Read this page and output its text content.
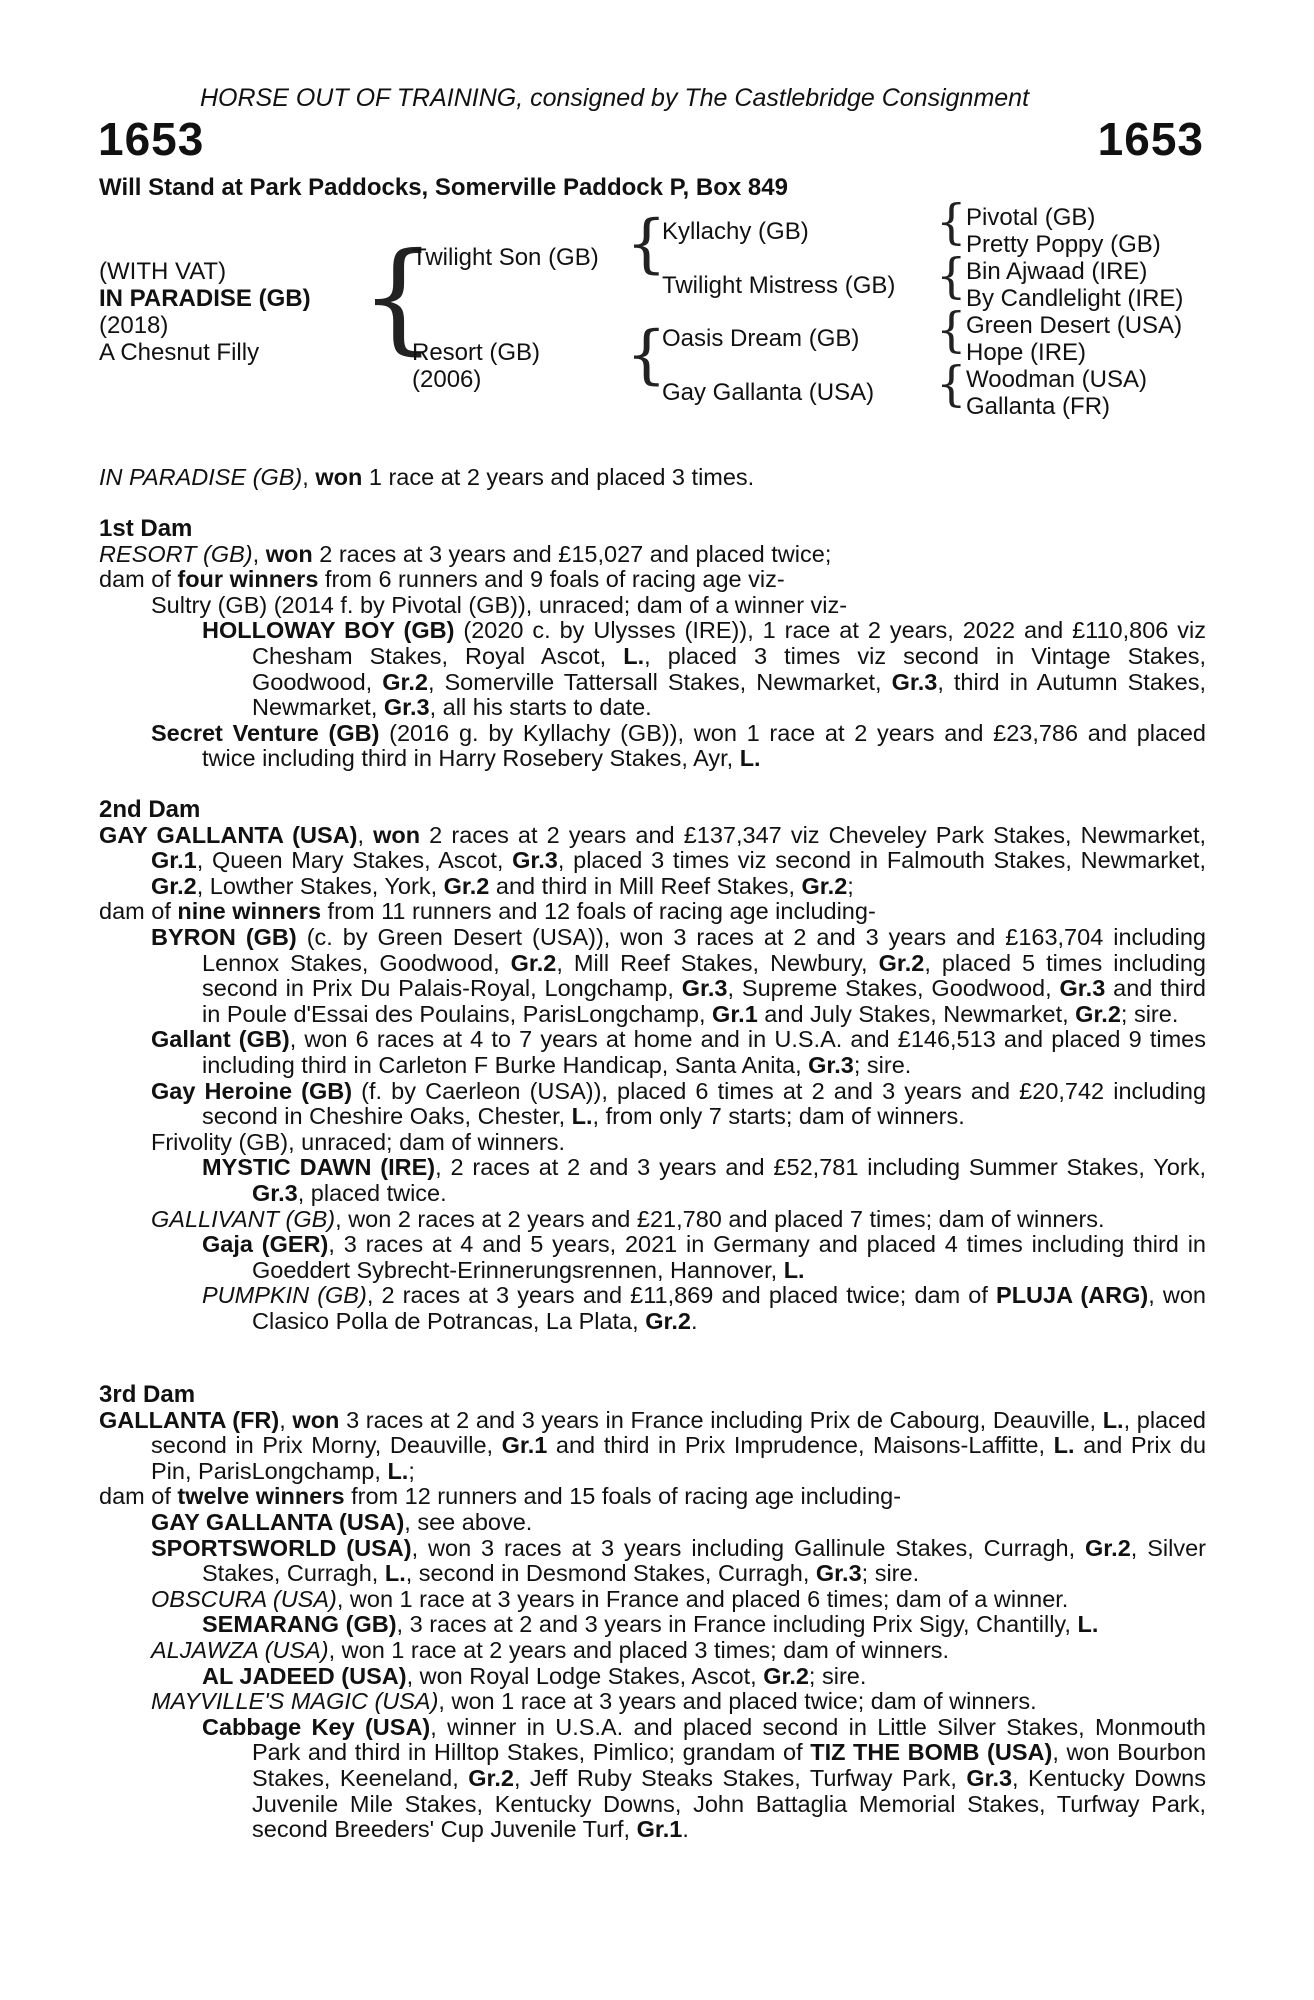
HORSE OUT OF TRAINING, consigned by The Castlebridge Consignment
1653	1653
Will Stand at Park Paddocks, Somerville Paddock P, Box 849
(WITH VAT)
IN PARADISE (GB)
(2018)
A Chesnut Filly {
Twilight Son (GB)
Resort (GB)
(2006)
{
{
Kyllachy (GB)
Twilight Mistress (GB)
Oasis Dream (GB)
Gay Gallanta (USA)
{
{
{
{
Pivotal (GB)
Pretty Poppy (GB)
Bin Ajwaad (IRE)
By Candlelight (IRE)
Green Desert (USA)
Hope (IRE)
Woodman (USA)
Gallanta (FR)

IN PARADISE (GB), won 1 race at 2 years and placed 3 times.

1st Dam

RESORT (GB), won 2 races at 3 years and £15,027 and placed twice;

dam of four winners from 6 runners and 9 foals of racing age viz-

Sultry (GB) (2014 f. by Pivotal (GB)), unraced; dam of a winner viz-

HOLLOWAY BOY (GB) (2020 c. by Ulysses (IRE)), 1 race at 2 years, 2022 and £110,806 viz Chesham Stakes, Royal Ascot, L., placed 3 times viz second in Vintage Stakes, Goodwood, Gr.2, Somerville Tattersall Stakes, Newmarket, Gr.3, third in Autumn Stakes, Newmarket, Gr.3, all his starts to date.

Secret Venture (GB) (2016 g. by Kyllachy (GB)), won 1 race at 2 years and £23,786 and placed twice including third in Harry Rosebery Stakes, Ayr, L.

2nd Dam

GAY GALLANTA (USA), won 2 races at 2 years and £137,347 viz Cheveley Park Stakes, Newmarket, Gr.1, Queen Mary Stakes, Ascot, Gr.3, placed 3 times viz second in Falmouth Stakes, Newmarket, Gr.2, Lowther Stakes, York, Gr.2 and third in Mill Reef Stakes, Gr.2;

dam of nine winners from 11 runners and 12 foals of racing age including-

BYRON (GB) (c. by Green Desert (USA)), won 3 races at 2 and 3 years and £163,704 including Lennox Stakes, Goodwood, Gr.2, Mill Reef Stakes, Newbury, Gr.2, placed 5 times including second in Prix Du Palais-Royal, Longchamp, Gr.3, Supreme Stakes, Goodwood, Gr.3 and third in Poule d'Essai des Poulains, ParisLongchamp, Gr.1 and July Stakes, Newmarket, Gr.2; sire.

Gallant (GB), won 6 races at 4 to 7 years at home and in U.S.A. and £146,513 and placed 9 times including third in Carleton F Burke Handicap, Santa Anita, Gr.3; sire.

Gay Heroine (GB) (f. by Caerleon (USA)), placed 6 times at 2 and 3 years and £20,742 including second in Cheshire Oaks, Chester, L., from only 7 starts; dam of winners.

Frivolity (GB), unraced; dam of winners.

MYSTIC DAWN (IRE), 2 races at 2 and 3 years and £52,781 including Summer Stakes, York, Gr.3, placed twice.

GALLIVANT (GB), won 2 races at 2 years and £21,780 and placed 7 times; dam of winners.

Gaja (GER), 3 races at 4 and 5 years, 2021 in Germany and placed 4 times including third in Goeddert Sybrecht-Erinnerungsrennen, Hannover, L.

PUMPKIN (GB), 2 races at 3 years and £11,869 and placed twice; dam of PLUJA (ARG), won Clasico Polla de Potrancas, La Plata, Gr.2.

3rd Dam

GALLANTA (FR), won 3 races at 2 and 3 years in France including Prix de Cabourg, Deauville, L., placed second in Prix Morny, Deauville, Gr.1 and third in Prix Imprudence, Maisons-Laffitte, L. and Prix du Pin, ParisLongchamp, L.;

dam of twelve winners from 12 runners and 15 foals of racing age including-

GAY GALLANTA (USA), see above.

SPORTSWORLD (USA), won 3 races at 3 years including Gallinule Stakes, Curragh, Gr.2, Silver Stakes, Curragh, L., second in Desmond Stakes, Curragh, Gr.3; sire.

OBSCURA (USA), won 1 race at 3 years in France and placed 6 times; dam of a winner.

SEMARANG (GB), 3 races at 2 and 3 years in France including Prix Sigy, Chantilly, L.

ALJAWZA (USA), won 1 race at 2 years and placed 3 times; dam of winners.

AL JADEED (USA), won Royal Lodge Stakes, Ascot, Gr.2; sire.

MAYVILLE'S MAGIC (USA), won 1 race at 3 years and placed twice; dam of winners.

Cabbage Key (USA), winner in U.S.A. and placed second in Little Silver Stakes, Monmouth Park and third in Hilltop Stakes, Pimlico; grandam of TIZ THE BOMB (USA), won Bourbon Stakes, Keeneland, Gr.2, Jeff Ruby Steaks Stakes, Turfway Park, Gr.3, Kentucky Downs Juvenile Mile Stakes, Kentucky Downs, John Battaglia Memorial Stakes, Turfway Park, second Breeders' Cup Juvenile Turf, Gr.1.
